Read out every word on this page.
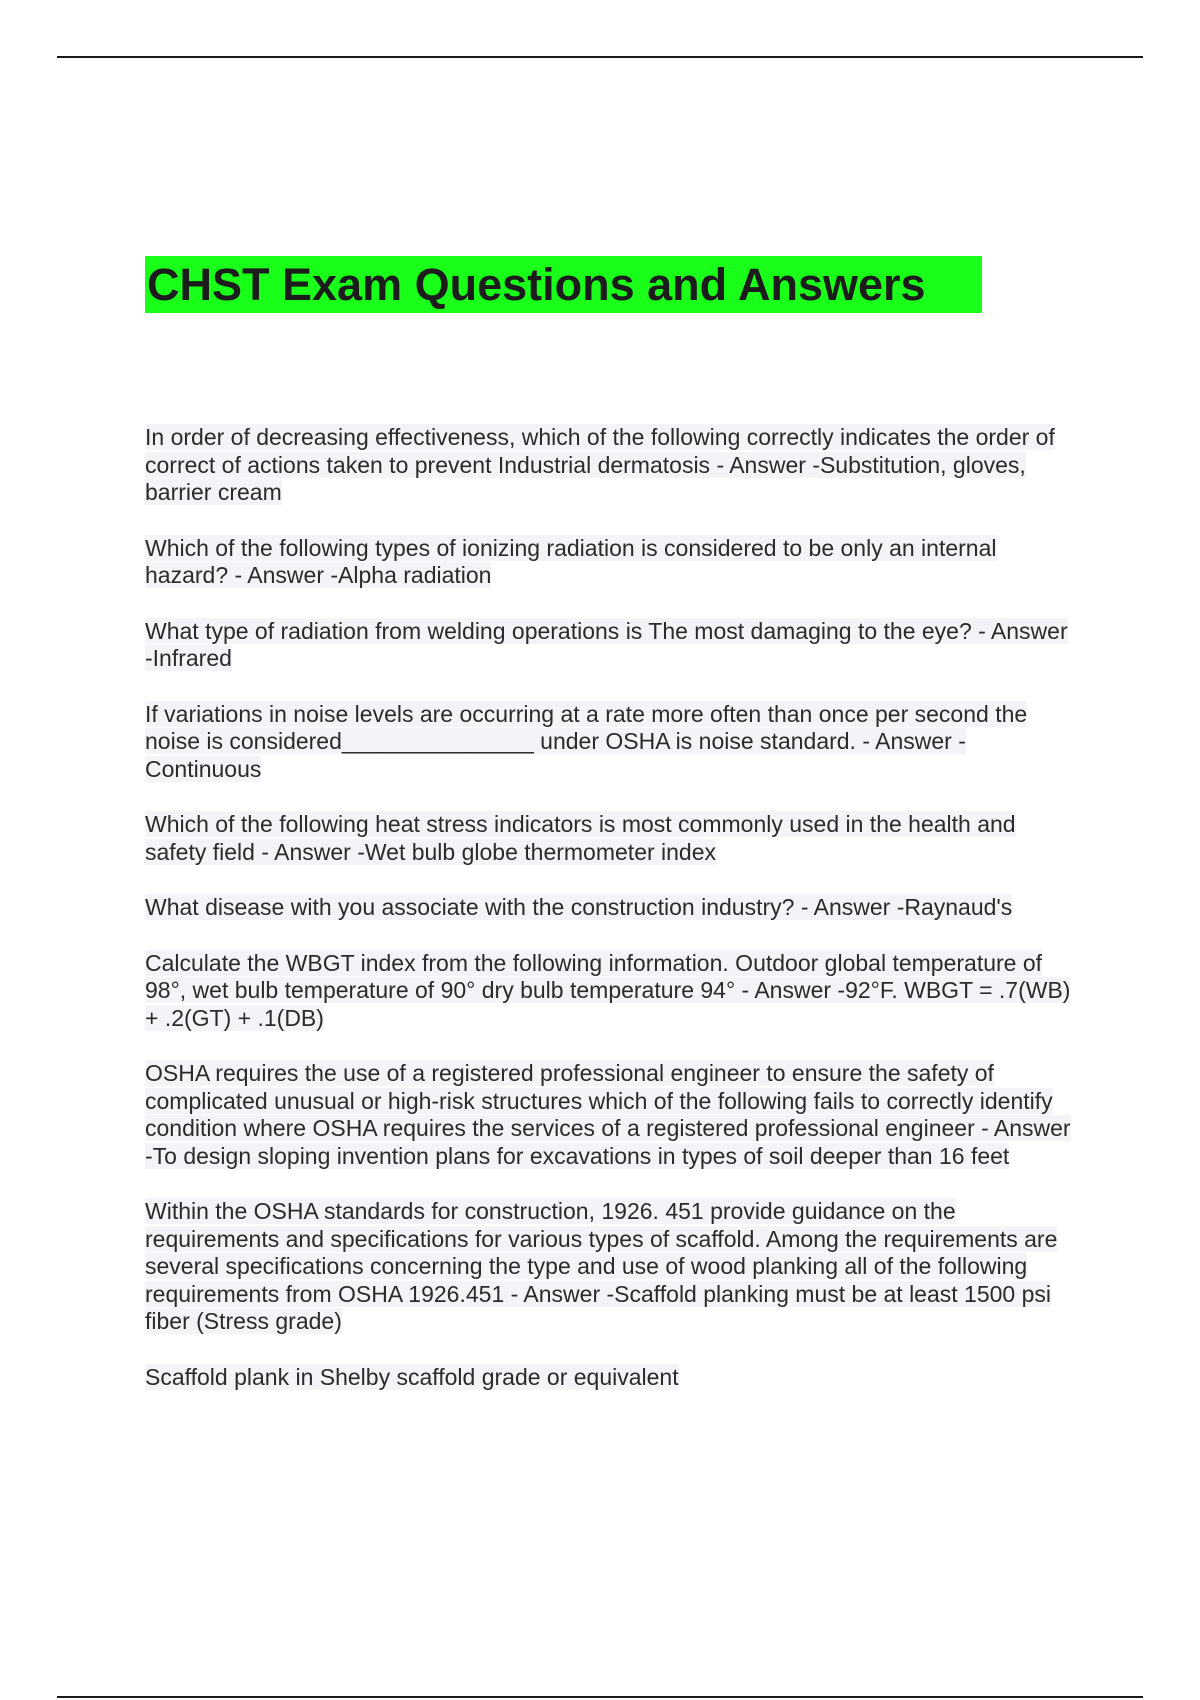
CHST Exam Questions and Answers

In order of decreasing effectiveness, which of the following correctly indicates the order of correct of actions taken to prevent Industrial dermatosis - Answer -Substitution, gloves, barrier cream

Which of the following types of ionizing radiation is considered to be only an internal hazard? - Answer -Alpha radiation

What type of radiation from welding operations is The most damaging to the eye? - Answer -Infrared

If variations in noise levels are occurring at a rate more often than once per second the noise is considered_______________ under OSHA is noise standard. - Answer -Continuous

Which of the following heat stress indicators is most commonly used in the health and safety field - Answer -Wet bulb globe thermometer index

What disease with you associate with the construction industry? - Answer -Raynaud's

Calculate the WBGT index from the following information. Outdoor global temperature of 98°, wet bulb temperature of 90° dry bulb temperature 94° - Answer -92°F. WBGT = .7(WB) + .2(GT) + .1(DB)

OSHA requires the use of a registered professional engineer to ensure the safety of complicated unusual or high-risk structures which of the following fails to correctly identify condition where OSHA requires the services of a registered professional engineer - Answer -To design sloping invention plans for excavations in types of soil deeper than 16 feet

Within the OSHA standards for construction, 1926. 451 provide guidance on the requirements and specifications for various types of scaffold. Among the requirements are several specifications concerning the type and use of wood planking all of the following requirements from OSHA 1926.451 - Answer -Scaffold planking must be at least 1500 psi fiber (Stress grade)

Scaffold plank in Shelby scaffold grade or equivalent
